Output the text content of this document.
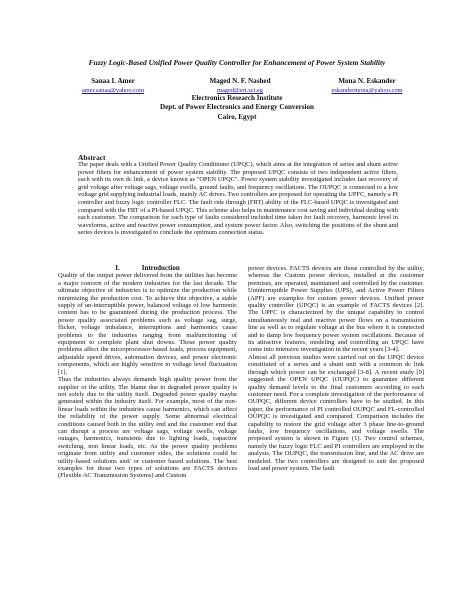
Fuzzy Logic-Based Unified Power Quality Controller for Enhancement of Power System Stability
Sanaa I. Amer
amer.sanaa@yahoo.com
Maged N. F. Nashed
maged@eri.sci.eg
Mona N. Eskander
eskandermona@yahoo.com
Electronics Research Institute
Dept. of Power Electronics and Energy Conversion
Cairo, Egypt
Abstract

The paper deals with a Unified Power Quality Conditioner (UPQC), which aims at the integration of series and shunt active power filters for enhancement of power system stability. The proposed UPQC consists of two independent active filters, each with its own dc link, a device known as "OPEN UPQC". Power system stability investigated includes fast recovery of grid voltage after voltage sags, voltage swells, ground faults, and frequency oscillations. The OUPQC is connected to a low voltage grid supplying industrial loads, mainly AC drives. Two controllers are proposed for operating the UPFC, namely a PI controller and fuzzy logic controller FLC. The fault ride through (FRT) ability of the FLC-based UPQC is investigated and compared with the FRT of a PI-based UPQC. This scheme also helps in maintenance cost saving and individual dealing with each customer. The comparison for each type of faults considered included time taken for fault recovery, harmonic level in waveforms, active and reactive power consumption, and system power factor. Also, switching the positions of the shunt and series devices is investigated to conclude the optimum connection status.

I.	Introduction

Quality of the output power delivered from the utilities has become a major concern of the modern industries for the last decade. The ultimate objective of industries is to optimize the production while minimizing the production cost. To achieve this objective, a stable supply of un-interruptible power, balanced voltage of low harmonic content has to be guaranteed during the production process. The power quality associated problems such as voltage sag, surge, flicker, voltage imbalance, interruptions and harmonics cause problems to the industries ranging from malfunctioning of equipment to complete plant shut downs. Those power quality problems affect the microprocessor-based loads, process equipment, adjustable speed drives, automation devices, and power electronic components, which are highly sensitive to voltage level fluctuation [1].

Thus the industries always demands high quality power from the supplier or the utility. The blame due to degraded power quality is not solely due to the utility itself. Degraded power quality maybe generated within the industry itself. For example, most of the non-linear loads within the industries cause harmonics, which can affect the reliability of the power supply. Some abnormal electrical conditions caused both in the utility end and the customer end that can disrupt a process are voltage sags, voltage swells, voltage outages, harmonics, transients due to lighting loads, capacitor switching, non linear loads, etc. As the power quality problems originate from utility and customer sides, the solutions could be utility-based solutions and/ or customer based solutions. The best examples for those two types of solutions are FACTS devices (Flexible AC Transmission Systems) and Custom

power devices. FACTS devices are those controlled by the utility, whereas the Custom power devices, installed at the customer premises, are operated, maintained and controlled by the customer. Uninterruptible Power Supplies (UPS), and Active Power Filters (APF) are examples for custom power devices. Unified power quality controller (UPQC) is an example of FACTS devices [2]. The UPFC is characterized by the unique capability to control simultaneously real and reactive power flows on a transmission line as well as to regulate voltage at the bus where it is connected and to damp low frequency power system oscillations. Because of its attractive features, modeling and controlling an UPQC have come into intensive investigation in the recent years [3-4].

Almost all previous studies were carried out on the UPQC device constituted of a series and a shunt unit with a common dc link through which power can be exchanged [3-8]. A recent study [9] suggested the OPEN UPQC (OUPQC) to guarantee different quality demand levels to the final customers according to each customer need. For a complete investigation of the performance of OUPQC, different device controllers have to be studied. In this paper, the performance of PI controlled OUPQC and FL-controlled OUPQC is investigated and compared. Comparison includes the capability to restore the grid voltage after 3 phase line-to-ground faults, low frequency oscillations, and voltage swells. The proposed system is shown in Figure (1). Two control schemes, namely the fuzzy logic FLC and PI controllers are employed in the analysis. The OUPQC, the transmission line, and the AC drive are modeled. The two controllers are designed to suit the proposed load and power system. The fault
